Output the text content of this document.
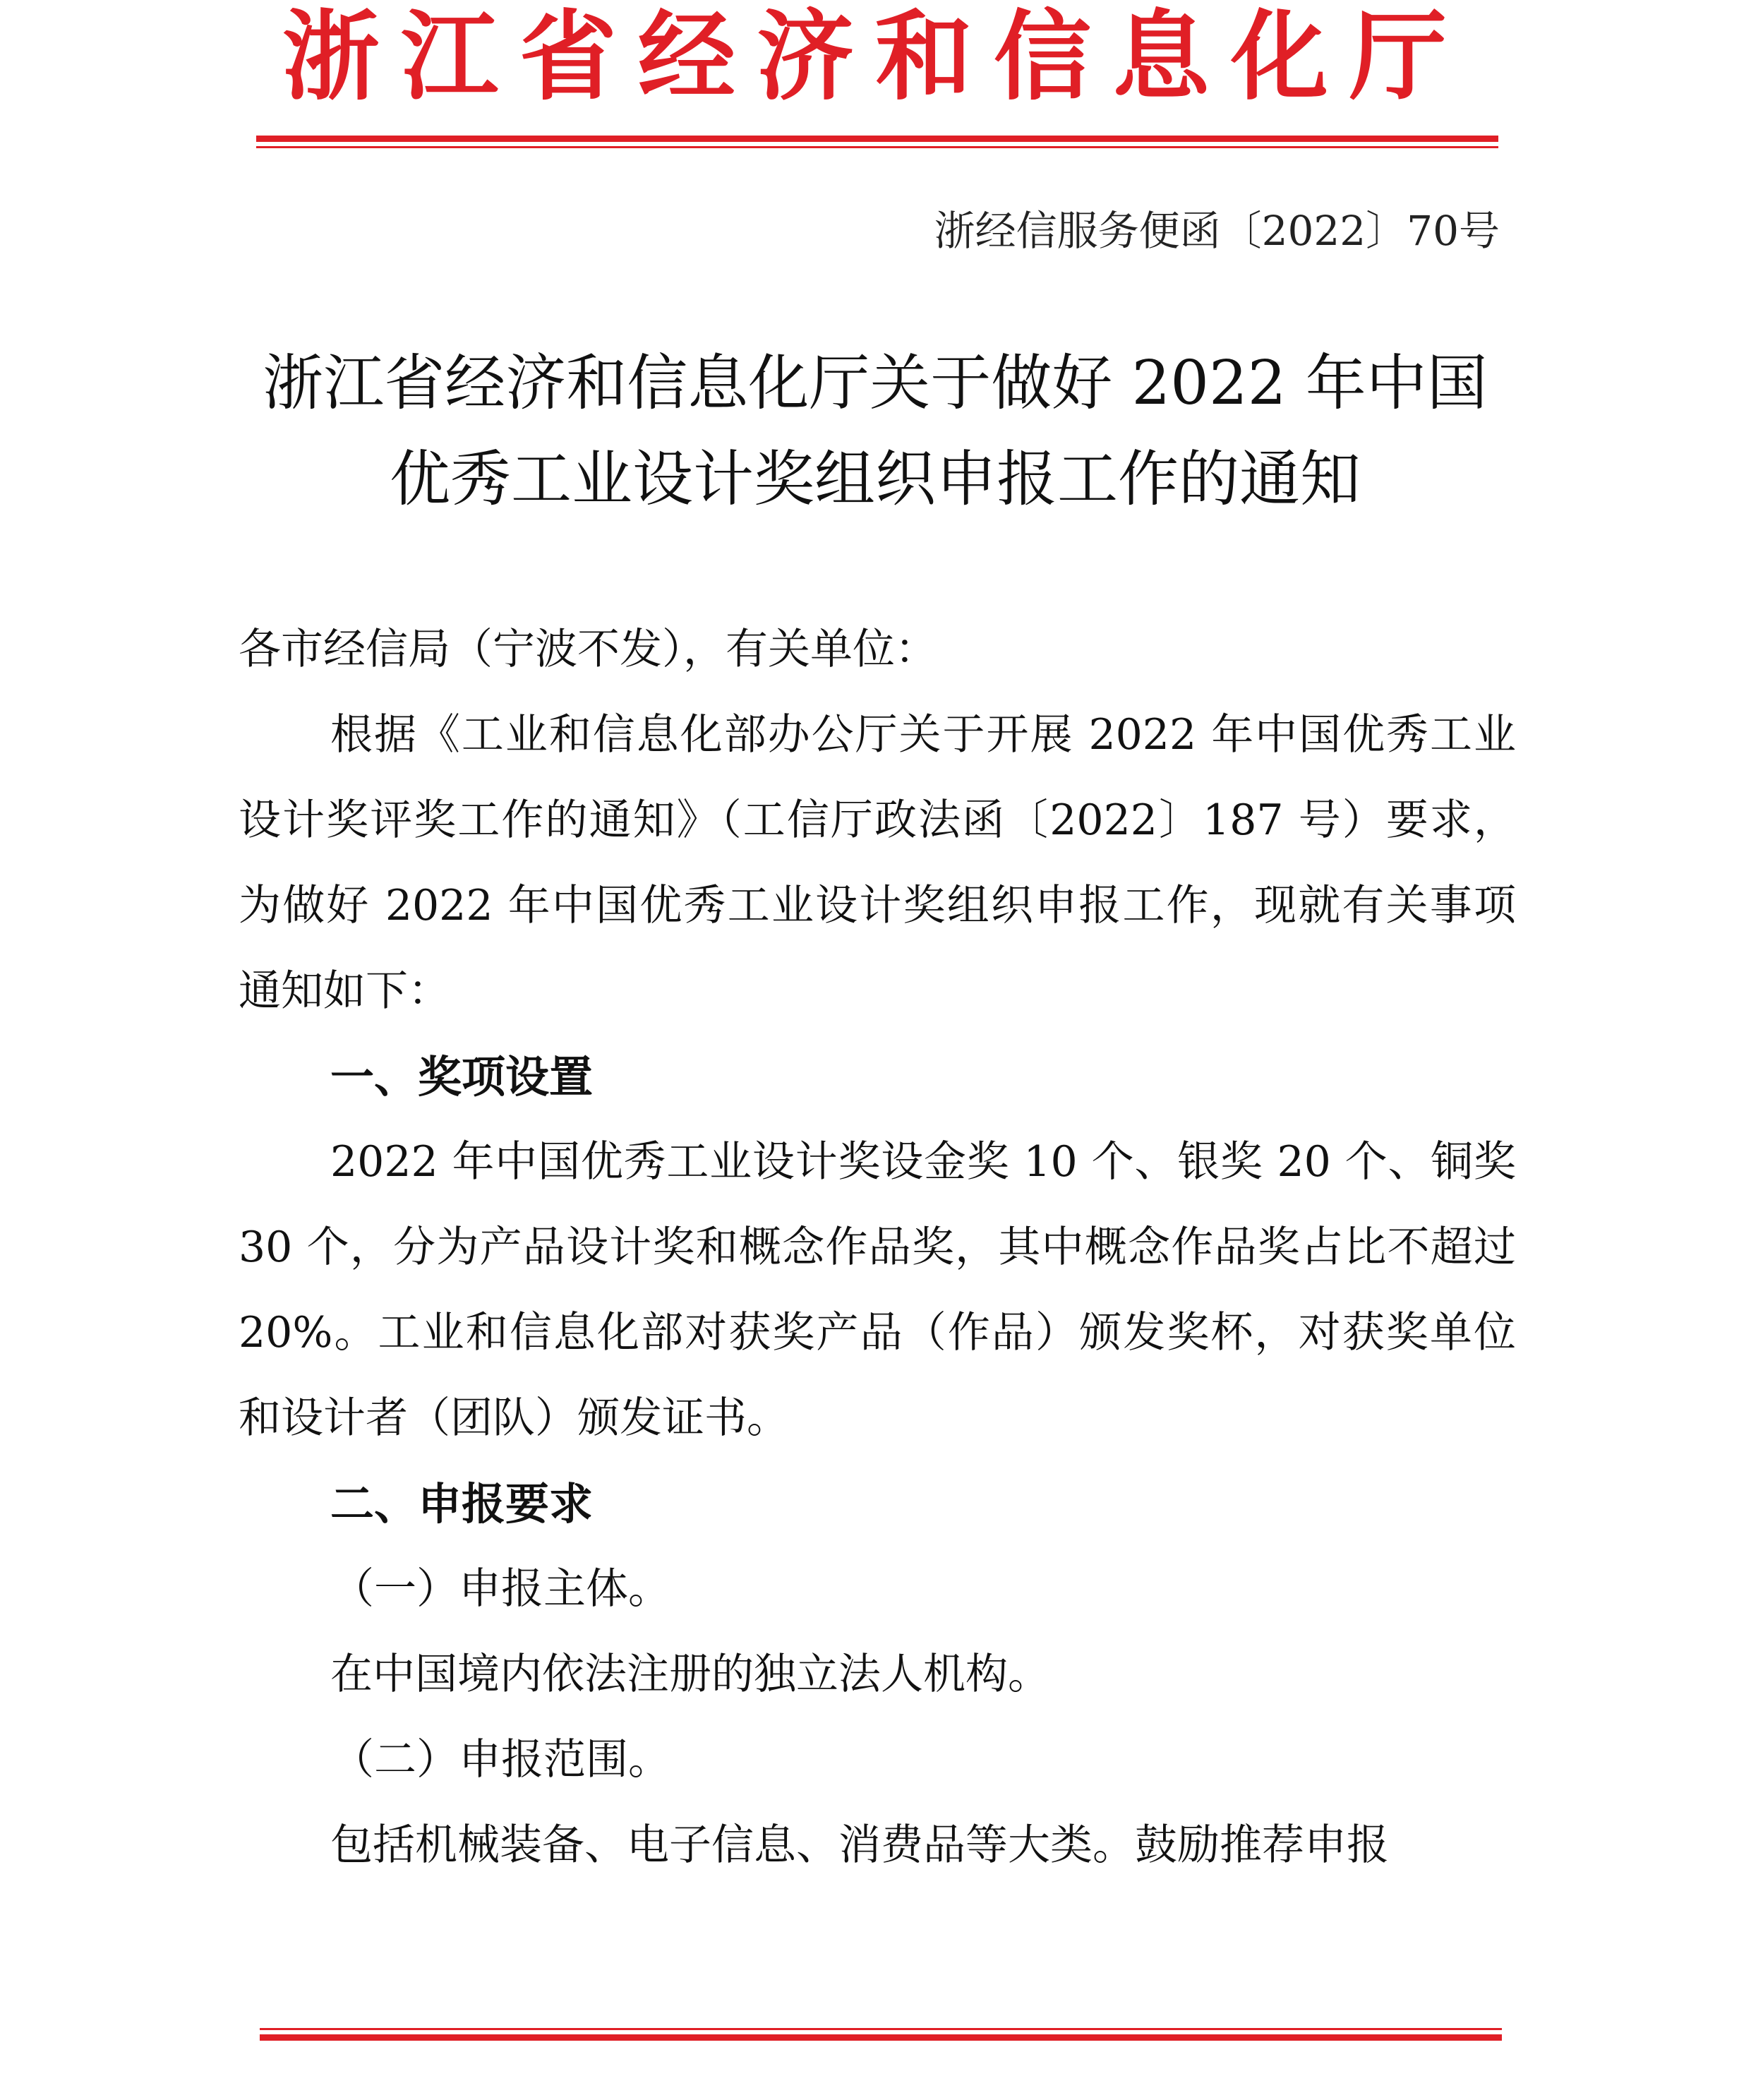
浙江省经济和信息化厅
浙经信服务便函〔2022〕70号
浙江省经济和信息化厅关于做好 2022 年中国
优秀工业设计奖组织申报工作的通知
各市经信局（宁波不发），有关单位：
根据《工业和信息化部办公厅关于开展 2022 年中国优秀工业设计奖评奖工作的通知》（工信厅政法函〔2022〕187 号）要求，为做好 2022 年中国优秀工业设计奖组织申报工作，现就有关事项通知如下：
一、奖项设置
2022 年中国优秀工业设计奖设金奖 10 个、银奖 20 个、铜奖 30 个，分为产品设计奖和概念作品奖，其中概念作品奖占比不超过 20%。工业和信息化部对获奖产品（作品）颁发奖杯，对获奖单位和设计者（团队）颁发证书。
二、申报要求
（一）申报主体。
在中国境内依法注册的独立法人机构。
（二）申报范围。
包括机械装备、电子信息、消费品等大类。鼓励推荐申报
